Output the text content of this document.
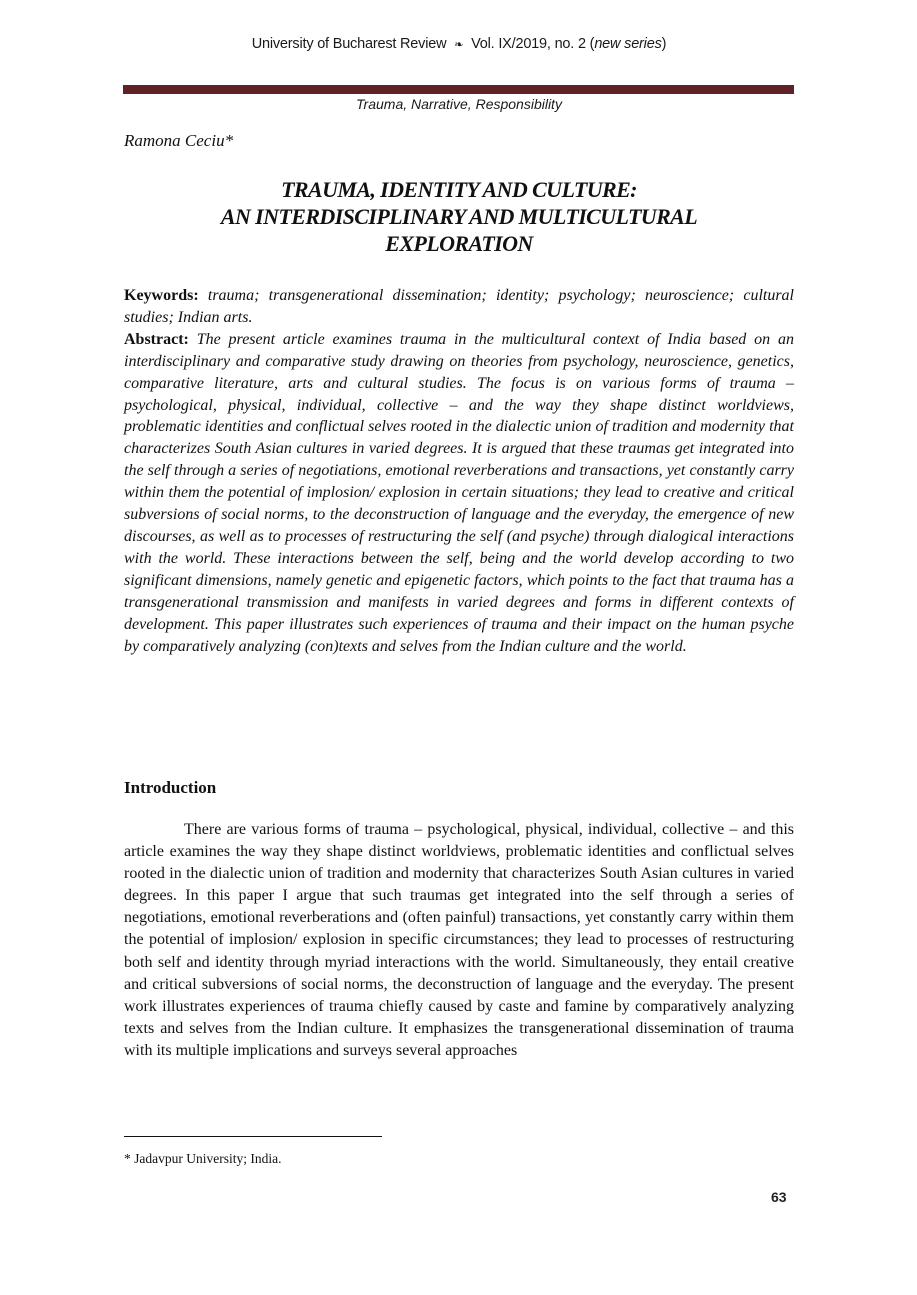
University of Bucharest Review ❧ Vol. IX/2019, no. 2 (new series)
Trauma, Narrative, Responsibility
Ramona Ceciu*
TRAUMA, IDENTITY AND CULTURE:
AN INTERDISCIPLINARY AND MULTICULTURAL
EXPLORATION

Keywords: trauma; transgenerational dissemination; identity; psychology; neuroscience; cultural studies; Indian arts.

Abstract: The present article examines trauma in the multicultural context of India based on an interdisciplinary and comparative study drawing on theories from psychology, neuroscience, genetics, comparative literature, arts and cultural studies. The focus is on various forms of trauma – psychological, physical, individual, collective – and the way they shape distinct worldviews, problematic identities and conflictual selves rooted in the dialectic union of tradition and modernity that characterizes South Asian cultures in varied degrees. It is argued that these traumas get integrated into the self through a series of negotiations, emotional reverberations and transactions, yet constantly carry within them the potential of implosion/ explosion in certain situations; they lead to creative and critical subversions of social norms, to the deconstruction of language and the everyday, the emergence of new discourses, as well as to processes of restructuring the self (and psyche) through dialogical interactions with the world. These interactions between the self, being and the world develop according to two significant dimensions, namely genetic and epigenetic factors, which points to the fact that trauma has a transgenerational transmission and manifests in varied degrees and forms in different contexts of development. This paper illustrates such experiences of trauma and their impact on the human psyche by comparatively analyzing (con)texts and selves from the Indian culture and the world.

Introduction

There are various forms of trauma – psychological, physical, individual, collective – and this article examines the way they shape distinct worldviews, problematic identities and conflictual selves rooted in the dialectic union of tradition and modernity that characterizes South Asian cultures in varied degrees. In this paper I argue that such traumas get integrated into the self through a series of negotiations, emotional reverberations and (often painful) transactions, yet constantly carry within them the potential of implosion/ explosion in specific circumstances; they lead to processes of restructuring both self and identity through myriad interactions with the world. Simultaneously, they entail creative and critical subversions of social norms, the deconstruction of language and the everyday. The present work illustrates experiences of trauma chiefly caused by caste and famine by comparatively analyzing texts and selves from the Indian culture. It emphasizes the transgenerational dissemination of trauma with its multiple implications and surveys several approaches

* Jadavpur University; India.
63
